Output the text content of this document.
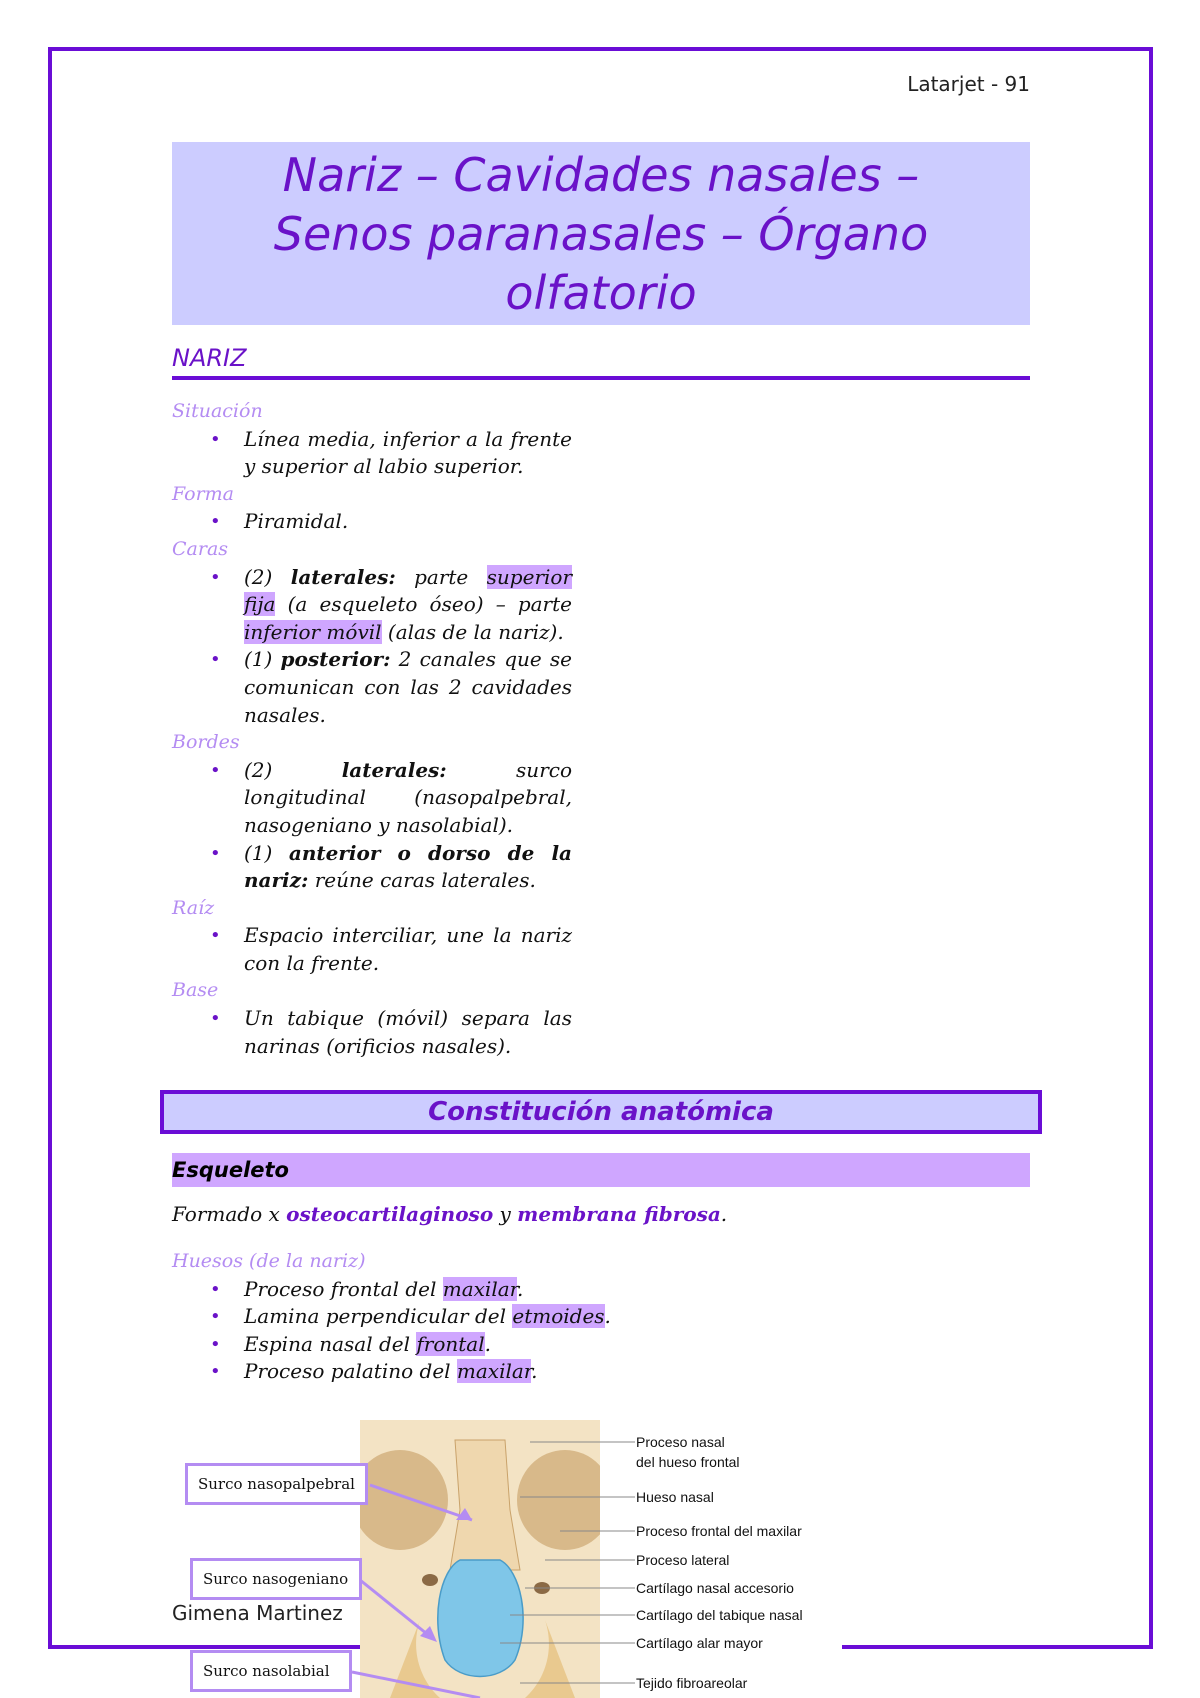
Latarjet - 91
Nariz – Cavidades nasales –
Senos paranasales – Órgano
olfatorio
NARIZ
Situación
• Línea media, inferior a la frente y superior al labio superior.
Forma
• Piramidal.
Caras
• (2) laterales: parte superior fija (a esqueleto óseo) – parte inferior móvil (alas de la nariz).
• (1) posterior: 2 canales que se comunican con las 2 cavidades nasales.
Bordes
• (2)	laterales: surco longitudinal (nasopalpebral, nasogeniano y nasolabial).
• (1) anterior o dorso de la nariz: reúne caras laterales.
Raíz
• Espacio interciliar, une la nariz con la frente.
Base
• Un tabique (móvil) separa las narinas (orificios nasales).
Constitución anatómica
Esqueleto
Formado x osteocartilaginoso y membrana fibrosa.
Huesos (de la nariz)
• Proceso frontal del maxilar.
• Lamina perpendicular del etmoides.
• Espina nasal del frontal.
• Proceso palatino del maxilar.
Surco nasopalpebral
Surco nasogeniano
Surco nasolabial
Proceso nasal
del hueso frontal
Hueso nasal
Proceso frontal del maxilar
Proceso lateral
Cartílago nasal accesorio
Cartílago del tabique nasal
Cartílago alar mayor
Tejido fibroareolar
Gimena Martinez
